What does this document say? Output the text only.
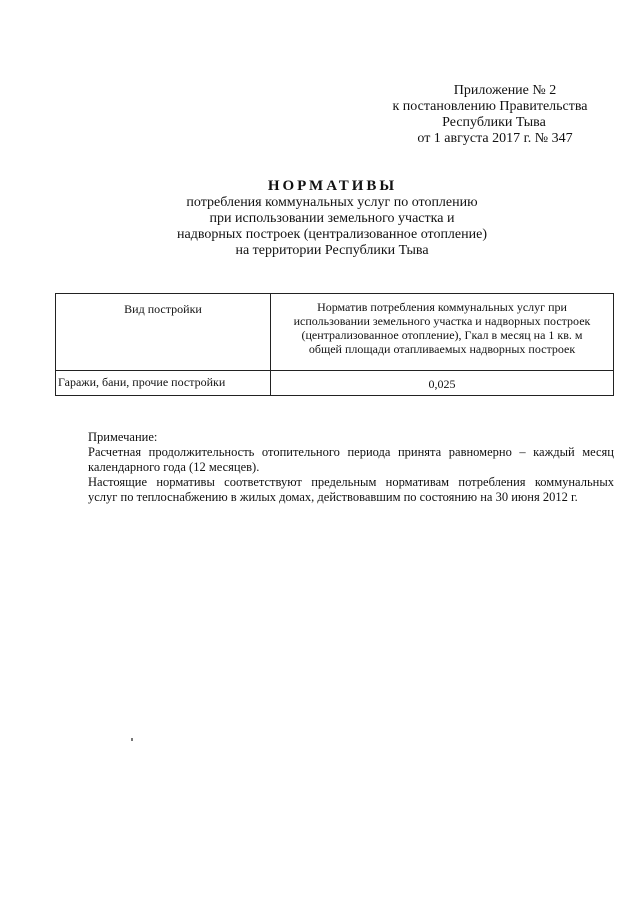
Приложение № 2
к постановлению Правительства
Республики Тыва
от 1 августа 2017 г. № 347
НОРМАТИВЫ
потребления коммунальных услуг по отоплению
при использовании земельного участка и
надворных построек (централизованное отопление)
на территории Республики Тыва
Вид постройки	Норматив потребления коммунальных услуг при
использовании земельного участка и надворных построек
(централизованное отопление), Гкал в месяц на 1 кв. м
общей площади отапливаемых надворных построек

Гаражи, бани, прочие постройки	0,025
Примечание:
Расчетная продолжительность отопительного периода принята равномерно – каждый месяц
календарного года (12 месяцев).
Настоящие нормативы соответствуют предельным нормативам потребления коммунальных
услуг по теплоснабжению в жилых домах, действовавшим по состоянию на 30 июня 2012 г.
